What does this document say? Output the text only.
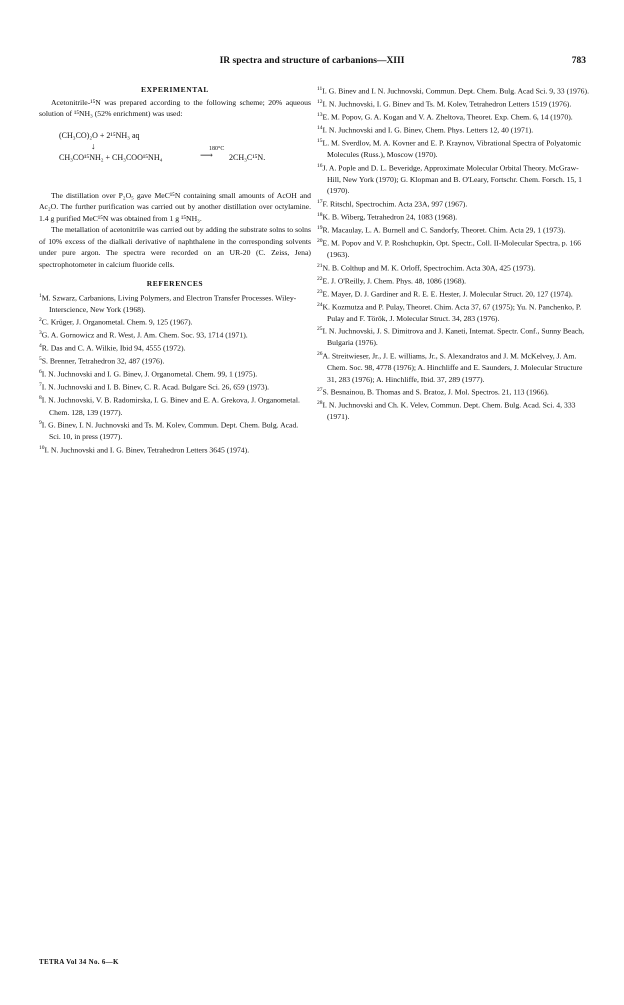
IR spectra and structure of carbanions—XIII	783
EXPERIMENTAL

Acetonitrile-¹⁵N was prepared according to the following scheme; 20% aqueous solution of ¹⁵NH₃ (52% enrichment) was used:

(CH₃CO)₂O + 2¹⁵NH₃ aq
↓
CH₃CO¹⁵NH₂ + CH₃COO¹⁵NH₄
180°C
⟶ 2CH₃C¹⁵N.

The distillation over P₂O₅ gave MeC¹⁵N containing small amounts of AcOH and Ac₂O. The further purification was carried out by another distillation over octylamine. 1.4 g purified MeC¹⁵N was obtained from 1 g ¹⁵NH₃.

The metallation of acetonitrile was carried out by adding the substrate solns to solns of 10% excess of the dialkali derivative of naphthalene in the corresponding solvents under pure argon. The spectra were recorded on an UR-20 (C. Zeiss, Jena) spectrophotometer in calcium fluoride cells.

REFERENCES

$^1$M. Szwarz, Carbanions, Living Polymers, and Electron Transfer Processes. Wiley-Interscience, New York (1968).

$^2$C. Krüger, J. Organometal. Chem. 9, 125 (1967).

$^3$G. A. Gornowicz and R. West, J. Am. Chem. Soc. 93, 1714 (1971).

$^4$R. Das and C. A. Wilkie, Ibid 94, 4555 (1972).

$^5$S. Brenner, Tetrahedron 32, 487 (1976).

$^6$I. N. Juchnovski and I. G. Binev, J. Organometal. Chem. 99, 1 (1975).

$^7$I. N. Juchnovski and I. B. Binev, C. R. Acad. Bulgare Sci. 26, 659 (1973).

$^8$I. N. Juchnovski, V. B. Radomirska, I. G. Binev and E. A. Grekova, J. Organometal. Chem. 128, 139 (1977).

$^9$I. G. Binev, I. N. Juchnovski and Ts. M. Kolev, Commun. Dept. Chem. Bulg. Acad. Sci. 10, in press (1977).

$^{10}$I. N. Juchnovski and I. G. Binev, Tetrahedron Letters 3645 (1974).

$^{11}$I. G. Binev and I. N. Juchnovski, Commun. Dept. Chem. Bulg. Acad Sci. 9, 33 (1976).

$^{12}$I. N. Juchnovski, I. G. Binev and Ts. M. Kolev, Tetrahedron Letters 1519 (1976).

$^{13}$E. M. Popov, G. A. Kogan and V. A. Zheltova, Theoret. Exp. Chem. 6, 14 (1970).

$^{14}$I. N. Juchnovski and I. G. Binev, Chem. Phys. Letters 12, 40 (1971).

$^{15}$L. M. Sverdlov, M. A. Kovner and E. P. Kraynov, Vibrational Spectra of Polyatomic Molecules (Russ.), Moscow (1970).

$^{16}$J. A. Pople and D. L. Beveridge, Approximate Molecular Orbital Theory. McGraw-Hill, New York (1970); G. Klopman and B. O'Leary, Fortschr. Chem. Forsch. 15, 1 (1970).

$^{17}$F. Ritschl, Spectrochim. Acta 23A, 997 (1967).

$^{18}$K. B. Wiberg, Tetrahedron 24, 1083 (1968).

$^{19}$R. Macaulay, L. A. Burnell and C. Sandorfy, Theoret. Chim. Acta 29, 1 (1973).

$^{20}$E. M. Popov and V. P. Roshchupkin, Opt. Spectr., Coll. II-Molecular Spectra, p. 166 (1963).

$^{21}$N. B. Colthup and M. K. Orloff, Spectrochim. Acta 30A, 425 (1973).

$^{22}$E. J. O'Reilly, J. Chem. Phys. 48, 1086 (1968).

$^{23}$E. Mayer, D. J. Gardiner and R. E. E. Hester, J. Molecular Struct. 20, 127 (1974).

$^{24}$K. Kozmutza and P. Pulay, Theoret. Chim. Acta 37, 67 (1975); Yu. N. Panchenko, P. Pulay and F. Török, J. Molecular Struct. 34, 283 (1976).

$^{25}$I. N. Juchnovski, J. S. Dimitrova and J. Kaneti, Internat. Spectr. Conf., Sunny Beach, Bulgaria (1976).

$^{26}$A. Streitwieser, Jr., J. E. williams, Jr., S. Alexandratos and J. M. McKelvey, J. Am. Chem. Soc. 98, 4778 (1976); A. Hinchliffe and E. Saunders, J. Molecular Structure 31, 283 (1976); A. Hinchliffe, Ibid. 37, 289 (1977).

$^{27}$S. Besnainou, B. Thomas and S. Bratoz, J. Mol. Spectros. 21, 113 (1966).

$^{28}$I. N. Juchnovski and Ch. K. Velev, Commun. Dept. Chem. Bulg. Acad. Sci. 4, 333 (1971).

TETRA Vol 34 No. 6—K
